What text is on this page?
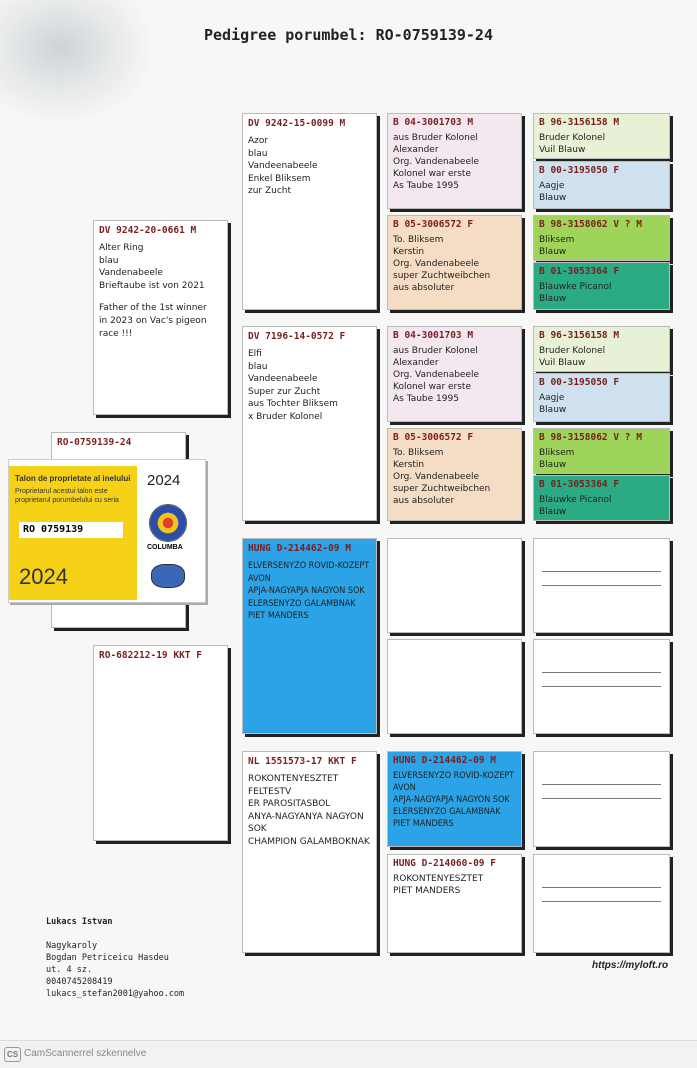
Pedigree porumbel: RO-0759139-24
RO-0759139-24
Talon de proprietate al inelului
Proprietarul acestui talon este
proprietarul porumbelului cu seria
RO 0759139
2024
2024
COLUMBA
DV 9242-20-0661 M
Alter Ring
blau
Vandenabeele
Brieftaube ist von 2021
Father of the 1st winner
in 2023 on Vac's pigeon
race !!!
RO-682212-19 KKT F
DV 9242-15-0099 M
Azor
blau
Vandeenabeele
Enkel Bliksem
zur Zucht
DV 7196-14-0572 F
Elfi
blau
Vandeenabeele
Super zur Zucht
aus Tochter Bliksem
x Bruder Kolonel
HUNG D-214462-09 M
ELVERSENYZO ROVID-KOZEPT
AVON
APJA-NAGYAPJA NAGYON SOK
ELERSENYZO GALAMBNAK
PIET MANDERS
NL 1551573-17 KKT F
ROKONTENYESZTET FELTESTV
ER PAROSITASBOL
ANYA-NAGYANYA NAGYON SOK
CHAMPION GALAMBOKNAK
B 04-3001703 M
aus Bruder Kolonel
Alexander
Org. Vandenabeele
Kolonel war erste
As Taube 1995
B 05-3006572 F
To. Bliksem
Kerstin
Org. Vandenabeele
super Zuchtweibchen
aus absoluter
B 04-3001703 M
aus Bruder Kolonel
Alexander
Org. Vandenabeele
Kolonel war erste
As Taube 1995
B 05-3006572 F
To. Bliksem
Kerstin
Org. Vandenabeele
super Zuchtweibchen
aus absoluter
HUNG D-214462-09 M
ELVERSENYZO ROVID-KOZEPT
AVON
APJA-NAGYAPJA NAGYON SOK
ELERSENYZO GALAMBNAK
PIET MANDERS
HUNG D-214060-09 F
ROKONTENYESZTET
PIET MANDERS
B 96-3156158 M
Bruder Kolonel
Vuil Blauw
B 00-3195050 F
Aagje
Blauw
B 98-3158062 V ? M
Bliksem
Blauw
B 01-3053364 F
Blauwke Picanol
Blauw
B 96-3156158 M
Bruder Kolonel
Vuil Blauw
B 00-3195050 F
Aagje
Blauw
B 98-3158062 V ? M
Bliksem
Blauw
B 01-3053364 F
Blauwke Picanol
Blauw

Lukacs Istvan

Nagykaroly
Bogdan Petriceicu Hasdeu
ut. 4 sz.
0040745208419
lukacs_stefan2001@yahoo.com

https://myloft.ro
CS CamScannerrel szkennelve
